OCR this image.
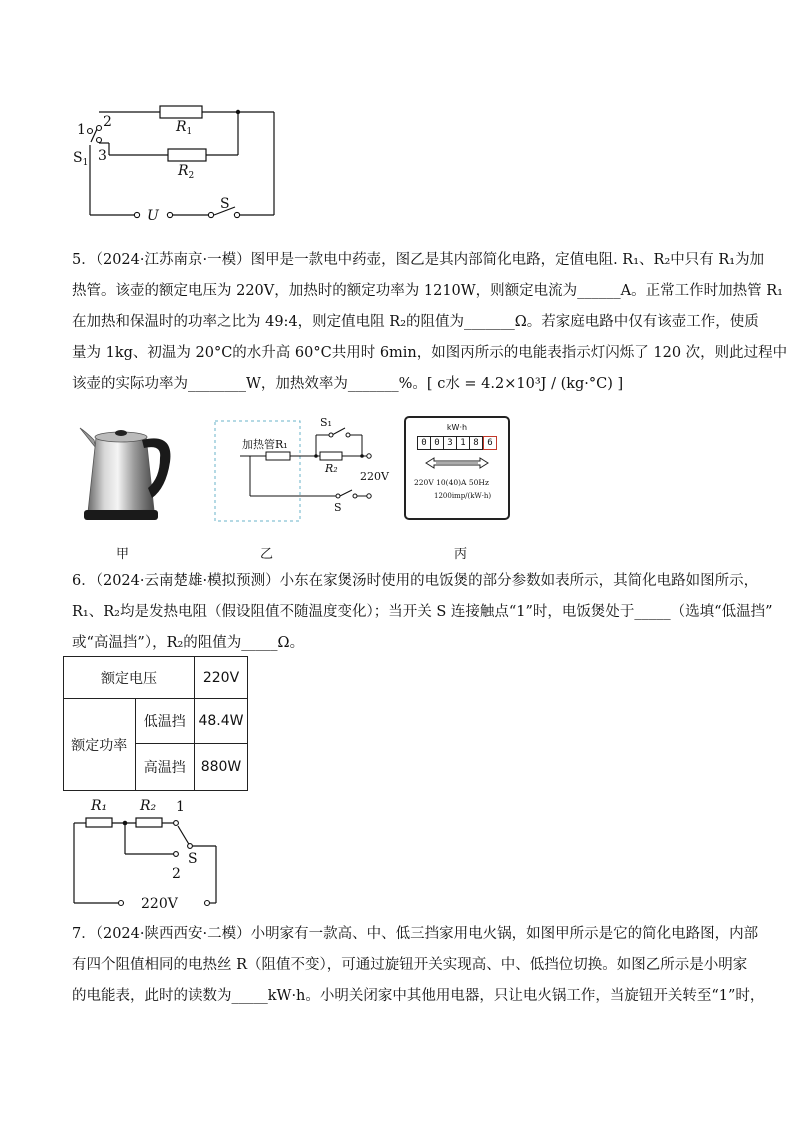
1 2
3
$S_1$
$R_1$
$R_2$
U
S

5．（2024·江苏南京·一模）图甲是一款电中药壶，图乙是其内部简化电路，定值电阻. R₁、R₂中只有 R₁为加

热管。该壶的额定电压为 220V，加热时的额定功率为 1210W，则额定电流为______A。正常工作时加热管 R₁

在加热和保温时的功率之比为 49:4，则定值电阻 R₂的阻值为_______Ω。若家庭电路中仅有该壶工作，使质

量为 1kg、初温为 20°C的水升高 60°C共用时 6min，如图丙所示的电能表指示灯闪烁了 120 次，则此过程中

该壶的实际功率为________W，加热效率为_______%。[ c水 = 4.2×10³J / (kg·°C) ]

加热管R₁
R₂
S₁
S
220V
kW·h
0 0 3 1 8 6
220V 10(40)A 50Hz
1200imp/(kW·h)
甲	乙	丙

6．（2024·云南楚雄·模拟预测）小东在家煲汤时使用的电饭煲的部分参数如表所示，其简化电路如图所示，

R₁、R₂均是发热电阻（假设阻值不随温度变化）；当开关 S 连接触点“1”时，电饭煲处于_____（选填“低温挡”

或“高温挡”），R₂的阻值为_____Ω。

额定电压		220V
额定功率	低温挡	48.4W
	高温挡	880W
R₁ R₂ 1
S
2
220V

7．（2024·陕西西安·二模）小明家有一款高、中、低三挡家用电火锅，如图甲所示是它的简化电路图，内部

有四个阻值相同的电热丝 R（阻值不变），可通过旋钮开关实现高、中、低挡位切换。如图乙所示是小明家

的电能表，此时的读数为_____kW·h。小明关闭家中其他用电器，只让电火锅工作，当旋钮开关转至“1”时，
